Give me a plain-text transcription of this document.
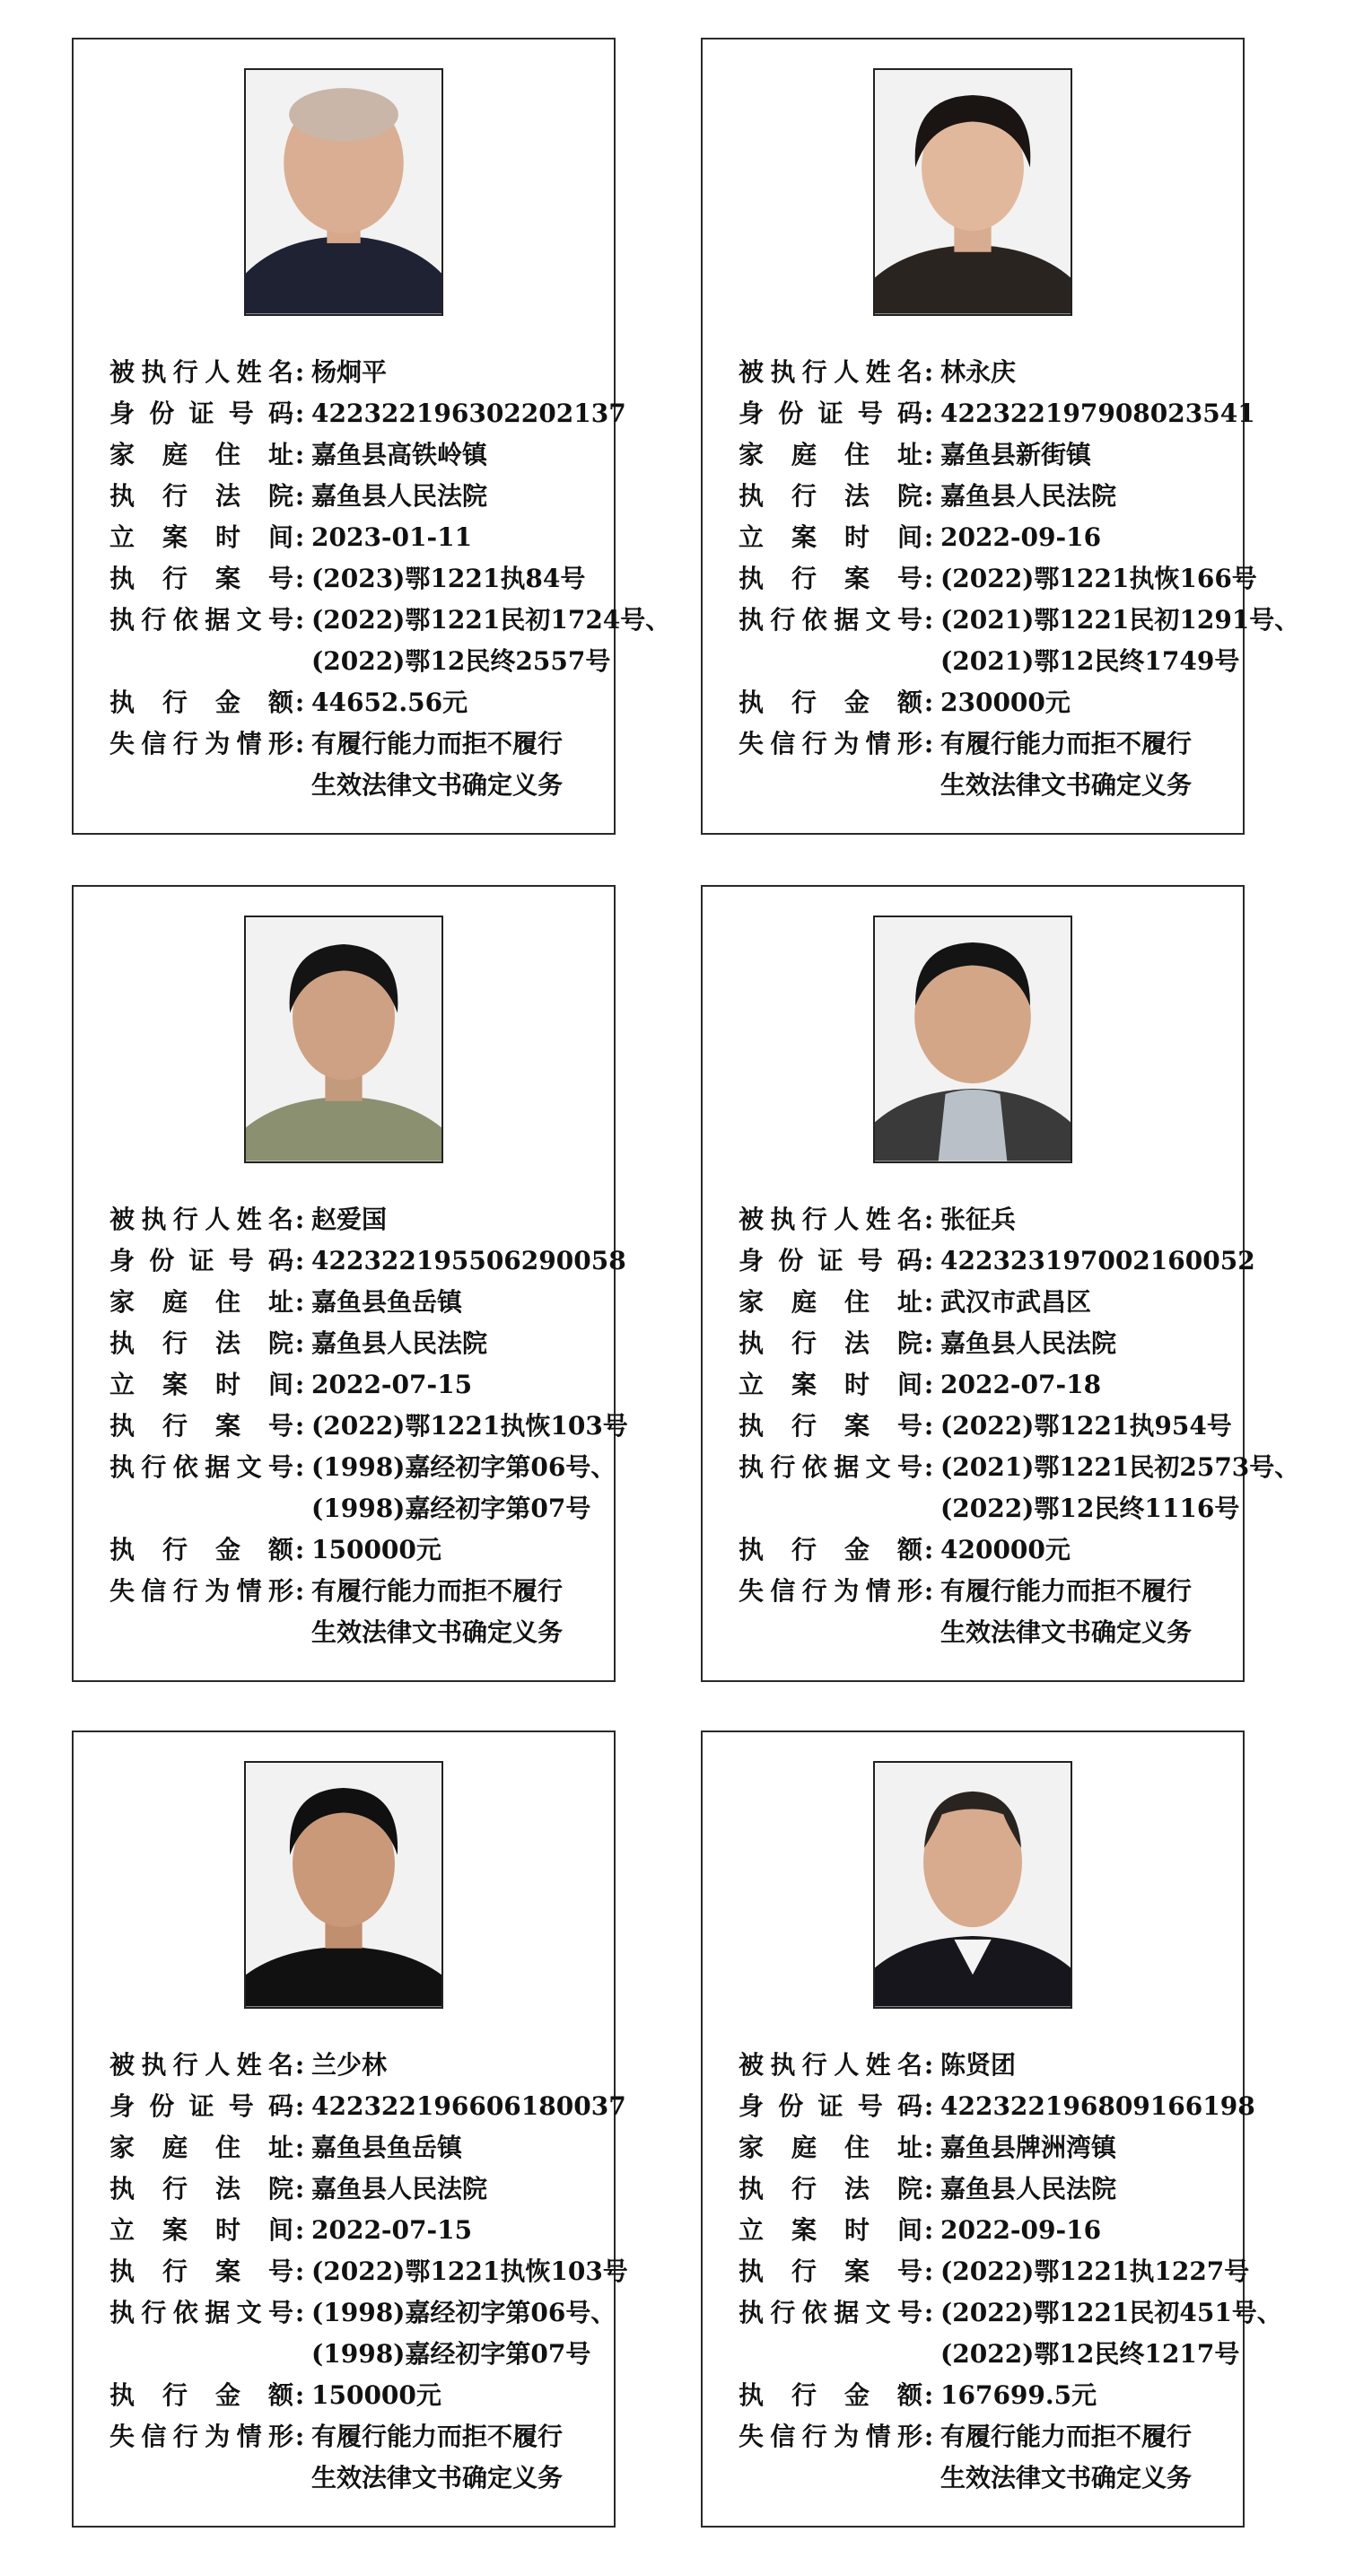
被执行人姓名 : 杨炯平
身份证号码 : 422322196302202137
家庭住址 : 嘉鱼县高铁岭镇
执行法院 : 嘉鱼县人民法院
立案时间 : 2023-01-11
执行案号 : (2023)鄂1221执84号
执行依据文号 : (2022)鄂1221民初1724号、
(2022)鄂12民终2557号
执行金额 : 44652.56元
失信行为情形 : 有履行能力而拒不履行
生效法律文书确定义务
被执行人姓名 : 林永庆
身份证号码 : 422322197908023541
家庭住址 : 嘉鱼县新街镇
执行法院 : 嘉鱼县人民法院
立案时间 : 2022-09-16
执行案号 : (2022)鄂1221执恢166号
执行依据文号 : (2021)鄂1221民初1291号、
(2021)鄂12民终1749号
执行金额 : 230000元
失信行为情形 : 有履行能力而拒不履行
生效法律文书确定义务
被执行人姓名 : 赵爱国
身份证号码 : 422322195506290058
家庭住址 : 嘉鱼县鱼岳镇
执行法院 : 嘉鱼县人民法院
立案时间 : 2022-07-15
执行案号 : (2022)鄂1221执恢103号
执行依据文号 : (1998)嘉经初字第06号、
(1998)嘉经初字第07号
执行金额 : 150000元
失信行为情形 : 有履行能力而拒不履行
生效法律文书确定义务
被执行人姓名 : 张征兵
身份证号码 : 422323197002160052
家庭住址 : 武汉市武昌区
执行法院 : 嘉鱼县人民法院
立案时间 : 2022-07-18
执行案号 : (2022)鄂1221执954号
执行依据文号 : (2021)鄂1221民初2573号、
(2022)鄂12民终1116号
执行金额 : 420000元
失信行为情形 : 有履行能力而拒不履行
生效法律文书确定义务
被执行人姓名 : 兰少林
身份证号码 : 422322196606180037
家庭住址 : 嘉鱼县鱼岳镇
执行法院 : 嘉鱼县人民法院
立案时间 : 2022-07-15
执行案号 : (2022)鄂1221执恢103号
执行依据文号 : (1998)嘉经初字第06号、
(1998)嘉经初字第07号
执行金额 : 150000元
失信行为情形 : 有履行能力而拒不履行
生效法律文书确定义务
被执行人姓名 : 陈贤团
身份证号码 : 422322196809166198
家庭住址 : 嘉鱼县牌洲湾镇
执行法院 : 嘉鱼县人民法院
立案时间 : 2022-09-16
执行案号 : (2022)鄂1221执1227号
执行依据文号 : (2022)鄂1221民初451号、
(2022)鄂12民终1217号
执行金额 : 167699.5元
失信行为情形 : 有履行能力而拒不履行
生效法律文书确定义务
